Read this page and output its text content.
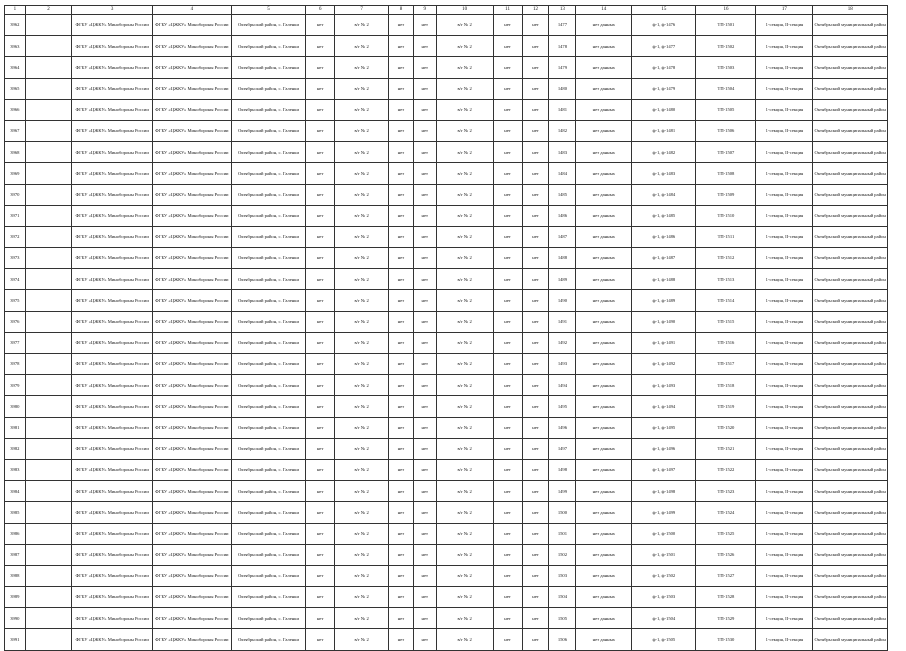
1	2	3	4	5	6	7	8	9	10	11	12	13	14	15	16	17	18
3962		ФГБУ «ЦЖКУ» Минобороны России	ФГБУ «ЦЖКУ» Минобороны России	Октябрьский район, с. Галенки	нет	в/г № 2	нет	нет	в/г № 2	нет	нет	1477	нет данных	ф-1, ф-1476	ТП-1501	1-секция, II-секция	Октябрьский муниципальный район
3963		ФГБУ «ЦЖКУ» Минобороны России	ФГБУ «ЦЖКУ» Минобороны России	Октябрьский район, с. Галенки	нет	в/г № 2	нет	нет	в/г № 2	нет	нет	1478	нет данных	ф-1, ф-1477	ТП-1502	1-секция, II-секция	Октябрьский муниципальный район
3964		ФГБУ «ЦЖКУ» Минобороны России	ФГБУ «ЦЖКУ» Минобороны России	Октябрьский район, с. Галенки	нет	в/г № 2	нет	нет	в/г № 2	нет	нет	1479	нет данных	ф-1, ф-1478	ТП-1503	1-секция, II-секция	Октябрьский муниципальный район
3965		ФГБУ «ЦЖКУ» Минобороны России	ФГБУ «ЦЖКУ» Минобороны России	Октябрьский район, с. Галенки	нет	в/г № 2	нет	нет	в/г № 2	нет	нет	1480	нет данных	ф-1, ф-1479	ТП-1504	1-секция, II-секция	Октябрьский муниципальный район
3966		ФГБУ «ЦЖКУ» Минобороны России	ФГБУ «ЦЖКУ» Минобороны России	Октябрьский район, с. Галенки	нет	в/г № 2	нет	нет	в/г № 2	нет	нет	1481	нет данных	ф-1, ф-1480	ТП-1505	1-секция, II-секция	Октябрьский муниципальный район
3967		ФГБУ «ЦЖКУ» Минобороны России	ФГБУ «ЦЖКУ» Минобороны России	Октябрьский район, с. Галенки	нет	в/г № 2	нет	нет	в/г № 2	нет	нет	1482	нет данных	ф-1, ф-1481	ТП-1506	1-секция, II-секция	Октябрьский муниципальный район
3968		ФГБУ «ЦЖКУ» Минобороны России	ФГБУ «ЦЖКУ» Минобороны России	Октябрьский район, с. Галенки	нет	в/г № 2	нет	нет	в/г № 2	нет	нет	1483	нет данных	ф-1, ф-1482	ТП-1507	1-секция, II-секция	Октябрьский муниципальный район
3969		ФГБУ «ЦЖКУ» Минобороны России	ФГБУ «ЦЖКУ» Минобороны России	Октябрьский район, с. Галенки	нет	в/г № 2	нет	нет	в/г № 2	нет	нет	1484	нет данных	ф-1, ф-1483	ТП-1508	1-секция, II-секция	Октябрьский муниципальный район
3970		ФГБУ «ЦЖКУ» Минобороны России	ФГБУ «ЦЖКУ» Минобороны России	Октябрьский район, с. Галенки	нет	в/г № 2	нет	нет	в/г № 2	нет	нет	1485	нет данных	ф-1, ф-1484	ТП-1509	1-секция, II-секция	Октябрьский муниципальный район
3971		ФГБУ «ЦЖКУ» Минобороны России	ФГБУ «ЦЖКУ» Минобороны России	Октябрьский район, с. Галенки	нет	в/г № 2	нет	нет	в/г № 2	нет	нет	1486	нет данных	ф-1, ф-1485	ТП-1510	1-секция, II-секция	Октябрьский муниципальный район
3972		ФГБУ «ЦЖКУ» Минобороны России	ФГБУ «ЦЖКУ» Минобороны России	Октябрьский район, с. Галенки	нет	в/г № 2	нет	нет	в/г № 2	нет	нет	1487	нет данных	ф-1, ф-1486	ТП-1511	1-секция, II-секция	Октябрьский муниципальный район
3973		ФГБУ «ЦЖКУ» Минобороны России	ФГБУ «ЦЖКУ» Минобороны России	Октябрьский район, с. Галенки	нет	в/г № 2	нет	нет	в/г № 2	нет	нет	1488	нет данных	ф-1, ф-1487	ТП-1512	1-секция, II-секция	Октябрьский муниципальный район
3974		ФГБУ «ЦЖКУ» Минобороны России	ФГБУ «ЦЖКУ» Минобороны России	Октябрьский район, с. Галенки	нет	в/г № 2	нет	нет	в/г № 2	нет	нет	1489	нет данных	ф-1, ф-1488	ТП-1513	1-секция, II-секция	Октябрьский муниципальный район
3975		ФГБУ «ЦЖКУ» Минобороны России	ФГБУ «ЦЖКУ» Минобороны России	Октябрьский район, с. Галенки	нет	в/г № 2	нет	нет	в/г № 2	нет	нет	1490	нет данных	ф-1, ф-1489	ТП-1514	1-секция, II-секция	Октябрьский муниципальный район
3976		ФГБУ «ЦЖКУ» Минобороны России	ФГБУ «ЦЖКУ» Минобороны России	Октябрьский район, с. Галенки	нет	в/г № 2	нет	нет	в/г № 2	нет	нет	1491	нет данных	ф-1, ф-1490	ТП-1515	1-секция, II-секция	Октябрьский муниципальный район
3977		ФГБУ «ЦЖКУ» Минобороны России	ФГБУ «ЦЖКУ» Минобороны России	Октябрьский район, с. Галенки	нет	в/г № 2	нет	нет	в/г № 2	нет	нет	1492	нет данных	ф-1, ф-1491	ТП-1516	1-секция, II-секция	Октябрьский муниципальный район
3978		ФГБУ «ЦЖКУ» Минобороны России	ФГБУ «ЦЖКУ» Минобороны России	Октябрьский район, с. Галенки	нет	в/г № 2	нет	нет	в/г № 2	нет	нет	1493	нет данных	ф-1, ф-1492	ТП-1517	1-секция, II-секция	Октябрьский муниципальный район
3979		ФГБУ «ЦЖКУ» Минобороны России	ФГБУ «ЦЖКУ» Минобороны России	Октябрьский район, с. Галенки	нет	в/г № 2	нет	нет	в/г № 2	нет	нет	1494	нет данных	ф-1, ф-1493	ТП-1518	1-секция, II-секция	Октябрьский муниципальный район
3980		ФГБУ «ЦЖКУ» Минобороны России	ФГБУ «ЦЖКУ» Минобороны России	Октябрьский район, с. Галенки	нет	в/г № 2	нет	нет	в/г № 2	нет	нет	1495	нет данных	ф-1, ф-1494	ТП-1519	1-секция, II-секция	Октябрьский муниципальный район
3981		ФГБУ «ЦЖКУ» Минобороны России	ФГБУ «ЦЖКУ» Минобороны России	Октябрьский район, с. Галенки	нет	в/г № 2	нет	нет	в/г № 2	нет	нет	1496	нет данных	ф-1, ф-1495	ТП-1520	1-секция, II-секция	Октябрьский муниципальный район
3982		ФГБУ «ЦЖКУ» Минобороны России	ФГБУ «ЦЖКУ» Минобороны России	Октябрьский район, с. Галенки	нет	в/г № 2	нет	нет	в/г № 2	нет	нет	1497	нет данных	ф-1, ф-1496	ТП-1521	1-секция, II-секция	Октябрьский муниципальный район
3983		ФГБУ «ЦЖКУ» Минобороны России	ФГБУ «ЦЖКУ» Минобороны России	Октябрьский район, с. Галенки	нет	в/г № 2	нет	нет	в/г № 2	нет	нет	1498	нет данных	ф-1, ф-1497	ТП-1522	1-секция, II-секция	Октябрьский муниципальный район
3984		ФГБУ «ЦЖКУ» Минобороны России	ФГБУ «ЦЖКУ» Минобороны России	Октябрьский район, с. Галенки	нет	в/г № 2	нет	нет	в/г № 2	нет	нет	1499	нет данных	ф-1, ф-1498	ТП-1523	1-секция, II-секция	Октябрьский муниципальный район
3985		ФГБУ «ЦЖКУ» Минобороны России	ФГБУ «ЦЖКУ» Минобороны России	Октябрьский район, с. Галенки	нет	в/г № 2	нет	нет	в/г № 2	нет	нет	1500	нет данных	ф-1, ф-1499	ТП-1524	1-секция, II-секция	Октябрьский муниципальный район
3986		ФГБУ «ЦЖКУ» Минобороны России	ФГБУ «ЦЖКУ» Минобороны России	Октябрьский район, с. Галенки	нет	в/г № 2	нет	нет	в/г № 2	нет	нет	1501	нет данных	ф-1, ф-1500	ТП-1525	1-секция, II-секция	Октябрьский муниципальный район
3987		ФГБУ «ЦЖКУ» Минобороны России	ФГБУ «ЦЖКУ» Минобороны России	Октябрьский район, с. Галенки	нет	в/г № 2	нет	нет	в/г № 2	нет	нет	1502	нет данных	ф-1, ф-1501	ТП-1526	1-секция, II-секция	Октябрьский муниципальный район
3988		ФГБУ «ЦЖКУ» Минобороны России	ФГБУ «ЦЖКУ» Минобороны России	Октябрьский район, с. Галенки	нет	в/г № 2	нет	нет	в/г № 2	нет	нет	1503	нет данных	ф-1, ф-1502	ТП-1527	1-секция, II-секция	Октябрьский муниципальный район
3989		ФГБУ «ЦЖКУ» Минобороны России	ФГБУ «ЦЖКУ» Минобороны России	Октябрьский район, с. Галенки	нет	в/г № 2	нет	нет	в/г № 2	нет	нет	1504	нет данных	ф-1, ф-1503	ТП-1528	1-секция, II-секция	Октябрьский муниципальный район
3990		ФГБУ «ЦЖКУ» Минобороны России	ФГБУ «ЦЖКУ» Минобороны России	Октябрьский район, с. Галенки	нет	в/г № 2	нет	нет	в/г № 2	нет	нет	1505	нет данных	ф-1, ф-1504	ТП-1529	1-секция, II-секция	Октябрьский муниципальный район
3991		ФГБУ «ЦЖКУ» Минобороны России	ФГБУ «ЦЖКУ» Минобороны России	Октябрьский район, с. Галенки	нет	в/г № 2	нет	нет	в/г № 2	нет	нет	1506	нет данных	ф-1, ф-1505	ТП-1530	1-секция, II-секция	Октябрьский муниципальный район
